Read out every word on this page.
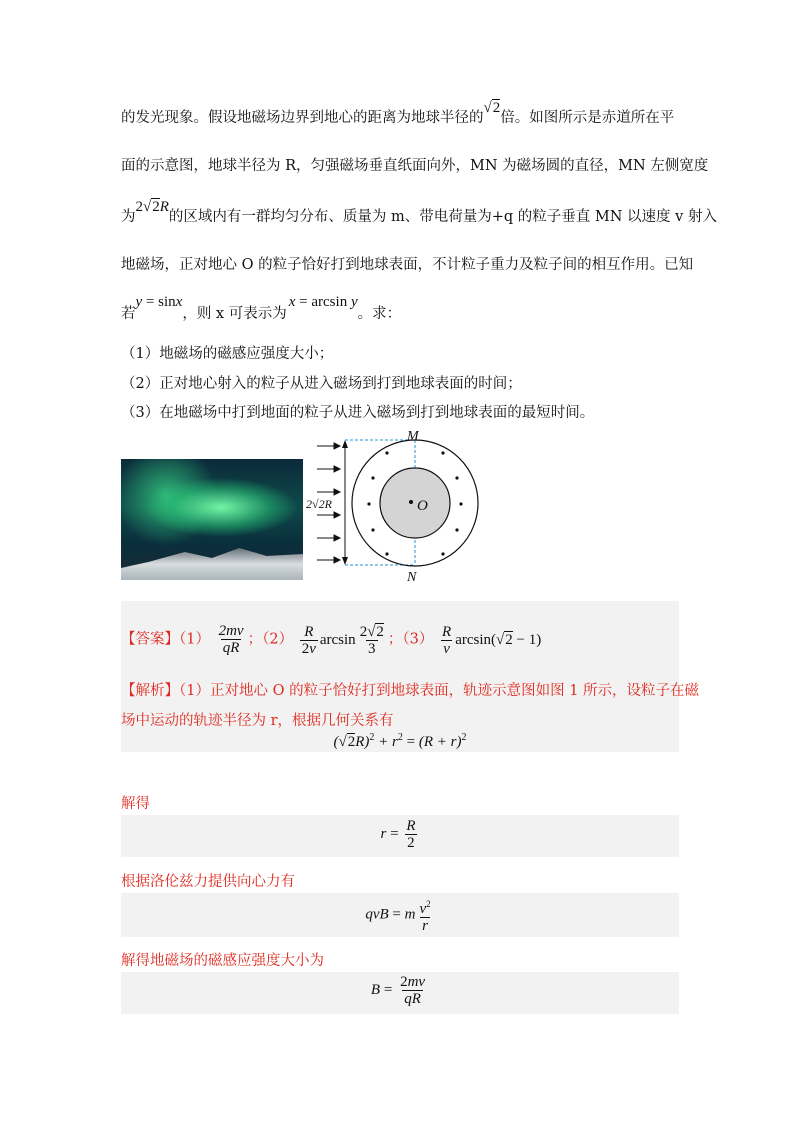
的发光现象。假设地磁场边界到地心的距离为地球半径的√2倍。如图所示是赤道所在平
面的示意图，地球半径为 R，匀强磁场垂直纸面向外，MN 为磁场圆的直径，MN 左侧宽度
为2√2R的区域内有一群均匀分布、质量为 m、带电荷量为+q 的粒子垂直 MN 以速度 v 射入
地磁场，正对地心 O 的粒子恰好打到地球表面，不计粒子重力及粒子间的相互作用。已知
若y = sinx，则 x 可表示为x = arcsin y。求：
（1）地磁场的磁感应强度大小；
（2）正对地心射入的粒子从进入磁场到打到地球表面的时间；
（3）在地磁场中打到地面的粒子从进入磁场到打到地球表面的最短时间。
M
N
O
2√2R
【答案】$(1) \frac{2mv}{qR}$ ；$(2) \frac{R}{2v}$ $\arcsin \frac{2√2}{3}$ ；$(3) \frac{R}{v} \arcsin(√2 - 1)$
【解析】（1）正对地心 O 的粒子恰好打到地球表面，轨迹示意图如图 1 所示，设粒子在磁
场中运动的轨迹半径为 r，根据几何关系有
$(√2R)^2 + r^2 = (R + r)^2$
解得
$r = \frac{R}{2}$
根据洛伦兹力提供向心力有
qvB = m $\frac{v^2}{r}$
解得地磁场的磁感应强度大小为
$B = \frac{2mv}{qR}$
